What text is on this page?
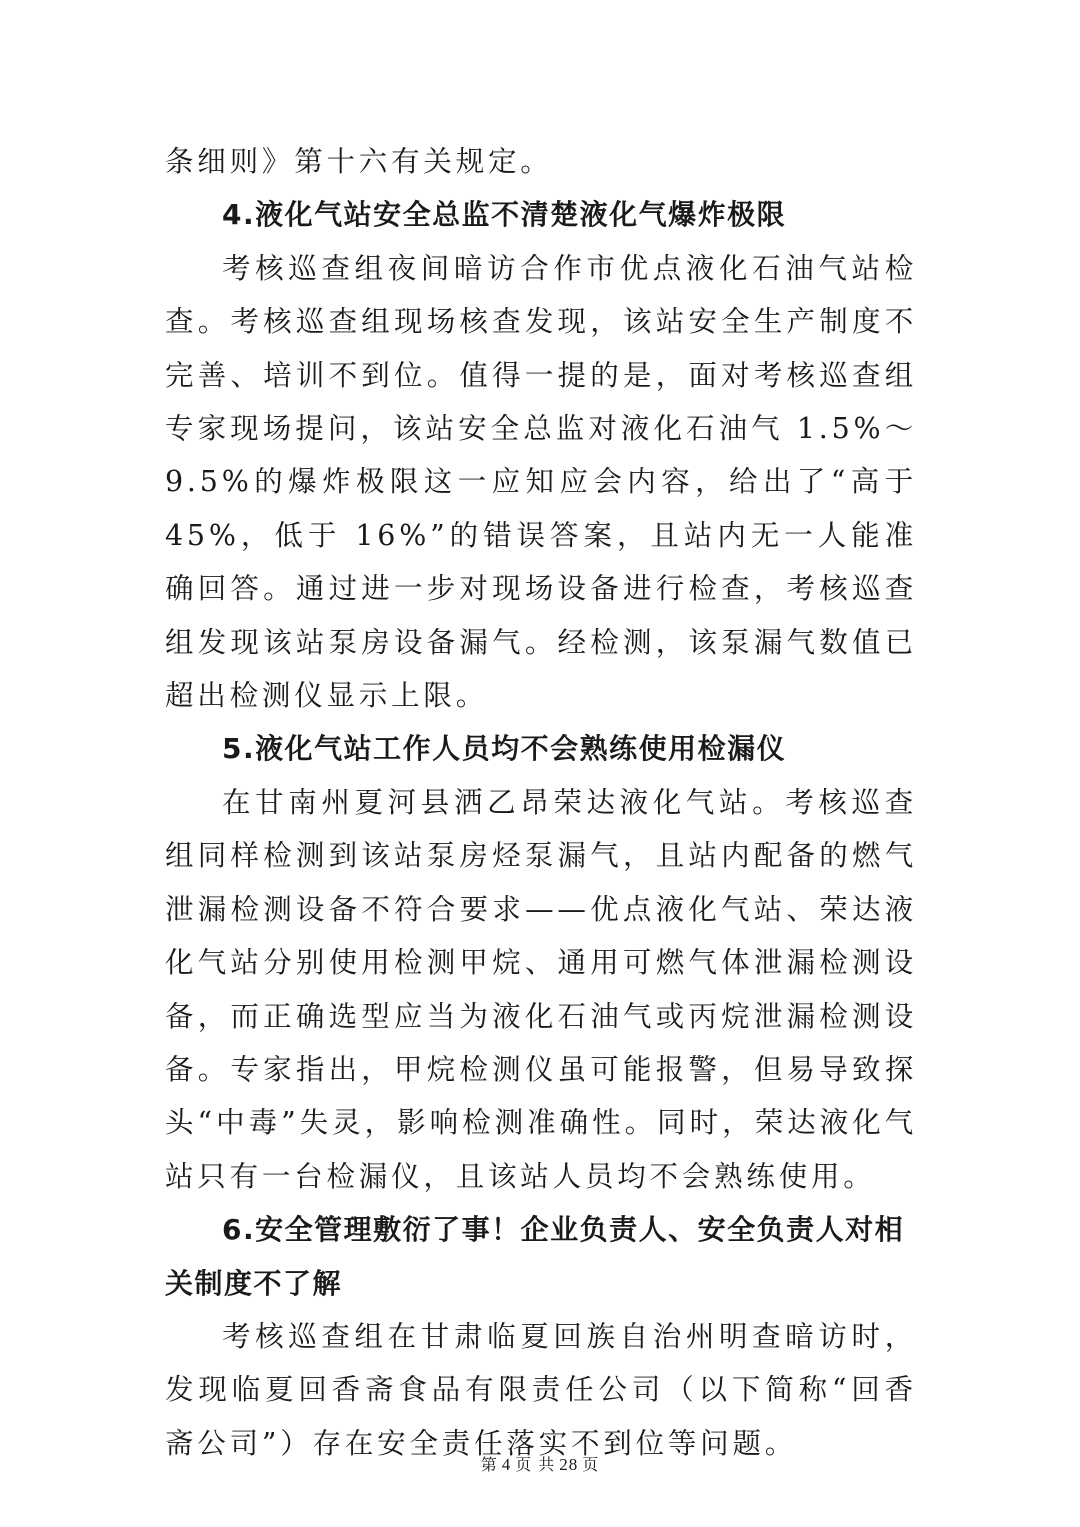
条细则》第十六有关规定。

4.液化气站安全总监不清楚液化气爆炸极限

考核巡查组夜间暗访合作市优点液化石油气站检查。考核巡查组现场核查发现，该站安全生产制度不完善、培训不到位。值得一提的是，面对考核巡查组专家现场提问，该站安全总监对液化石油气 1.5%～9.5%的爆炸极限这一应知应会内容，给出了“高于 45%，低于 16%”的错误答案，且站内无一人能准确回答。通过进一步对现场设备进行检查，考核巡查组发现该站泵房设备漏气。经检测，该泵漏气数值已超出检测仪显示上限。

5.液化气站工作人员均不会熟练使用检漏仪

在甘南州夏河县洒乙昂荣达液化气站。考核巡查组同样检测到该站泵房烃泵漏气，且站内配备的燃气泄漏检测设备不符合要求——优点液化气站、荣达液化气站分别使用检测甲烷、通用可燃气体泄漏检测设备，而正确选型应当为液化石油气或丙烷泄漏检测设备。专家指出，甲烷检测仪虽可能报警，但易导致探头“中毒”失灵，影响检测准确性。同时，荣达液化气站只有一台检漏仪，且该站人员均不会熟练使用。

6.安全管理敷衍了事！企业负责人、安全负责人对相关制度不了解

考核巡查组在甘肃临夏回族自治州明查暗访时，发现临夏回香斋食品有限责任公司（以下简称“回香斋公司”）存在安全责任落实不到位等问题。

第 4 页 共 28 页
